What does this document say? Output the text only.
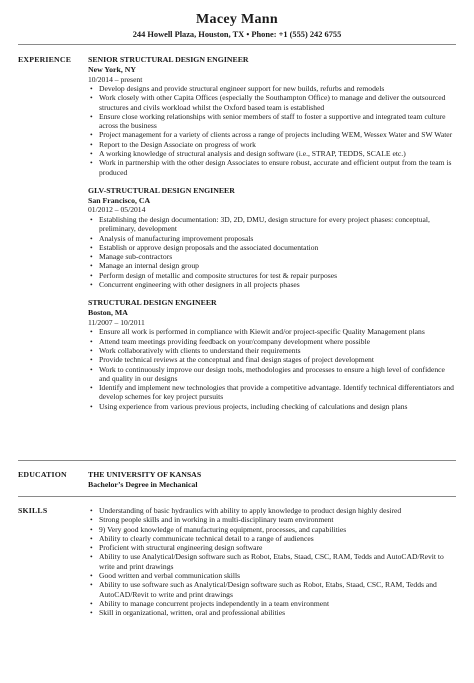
Macey Mann
244 Howell Plaza, Houston, TX • Phone: +1 (555) 242 6755
EXPERIENCE SENIOR STRUCTURAL DESIGN ENGINEER
New York, NY
10/2014 – present
• Develop designs and provide structural engineer support for new builds, refurbs and remodels
• Work closely with other Capita Offices (especially the Southampton Office) to manage and deliver the outsourced structures and civils workload whilst the Oxford based team is established
• Ensure close working relationships with senior members of staff to foster a supportive and integrated team culture across the business
• Project management for a variety of clients across a range of projects including WEM, Wessex Water and SW Water
• Report to the Design Associate on progress of work
• A working knowledge of structural analysis and design software (i.e., STRAP, TEDDS, SCALE etc.)
• Work in partnership with the other design Associates to ensure robust, accurate and efficient output from the team is produced
GLV-STRUCTURAL DESIGN ENGINEER
San Francisco, CA
01/2012 – 05/2014
• Establishing the design documentation: 3D, 2D, DMU, design structure for every project phases: conceptual, preliminary, development
• Analysis of manufacturing improvement proposals
• Establish or approve design proposals and the associated documentation
• Manage sub-contractors
• Manage an internal design group
• Perform design of metallic and composite structures for test & repair purposes
• Concurrent engineering with other designers in all projects phases
STRUCTURAL DESIGN ENGINEER
Boston, MA
11/2007 – 10/2011
• Ensure all work is performed in compliance with Kiewit and/or project-specific Quality Management plans
• Attend team meetings providing feedback on your/company development where possible
• Work collaboratively with clients to understand their requirements
• Provide technical reviews at the conceptual and final design stages of project development
• Work to continuously improve our design tools, methodologies and processes to ensure a high level of confidence and quality in our designs
• Identify and implement new technologies that provide a competitive advantage. Identify technical differentiators and develop schemes for key project pursuits
• Using experience from various previous projects, including checking of calculations and design plans
EDUCATION	THE UNIVERSITY OF KANSAS
Bachelor’s Degree in Mechanical
SKILLS
•	Understanding of basic hydraulics with ability to apply knowledge to product design highly desired
• Strong people skills and in working in a multi-disciplinary team environment
• 9) Very good knowledge of manufacturing equipment, processes, and capabilities
• Ability to clearly communicate technical detail to a range of audiences
• Proficient with structural engineering design software
• Ability to use Analytical/Design software such as Robot, Etabs, Staad, CSC, RAM, Tedds and AutoCAD/Revit to write and print drawings
• Good written and verbal communication skills
• Ability to use software such as Analytical/Design software such as Robot, Etabs, Staad, CSC, RAM, Tedds and AutoCAD/Revit to write and print drawings
• Ability to manage concurrent projects independently in a team environment
• Skill in organizational, written, oral and professional abilities
